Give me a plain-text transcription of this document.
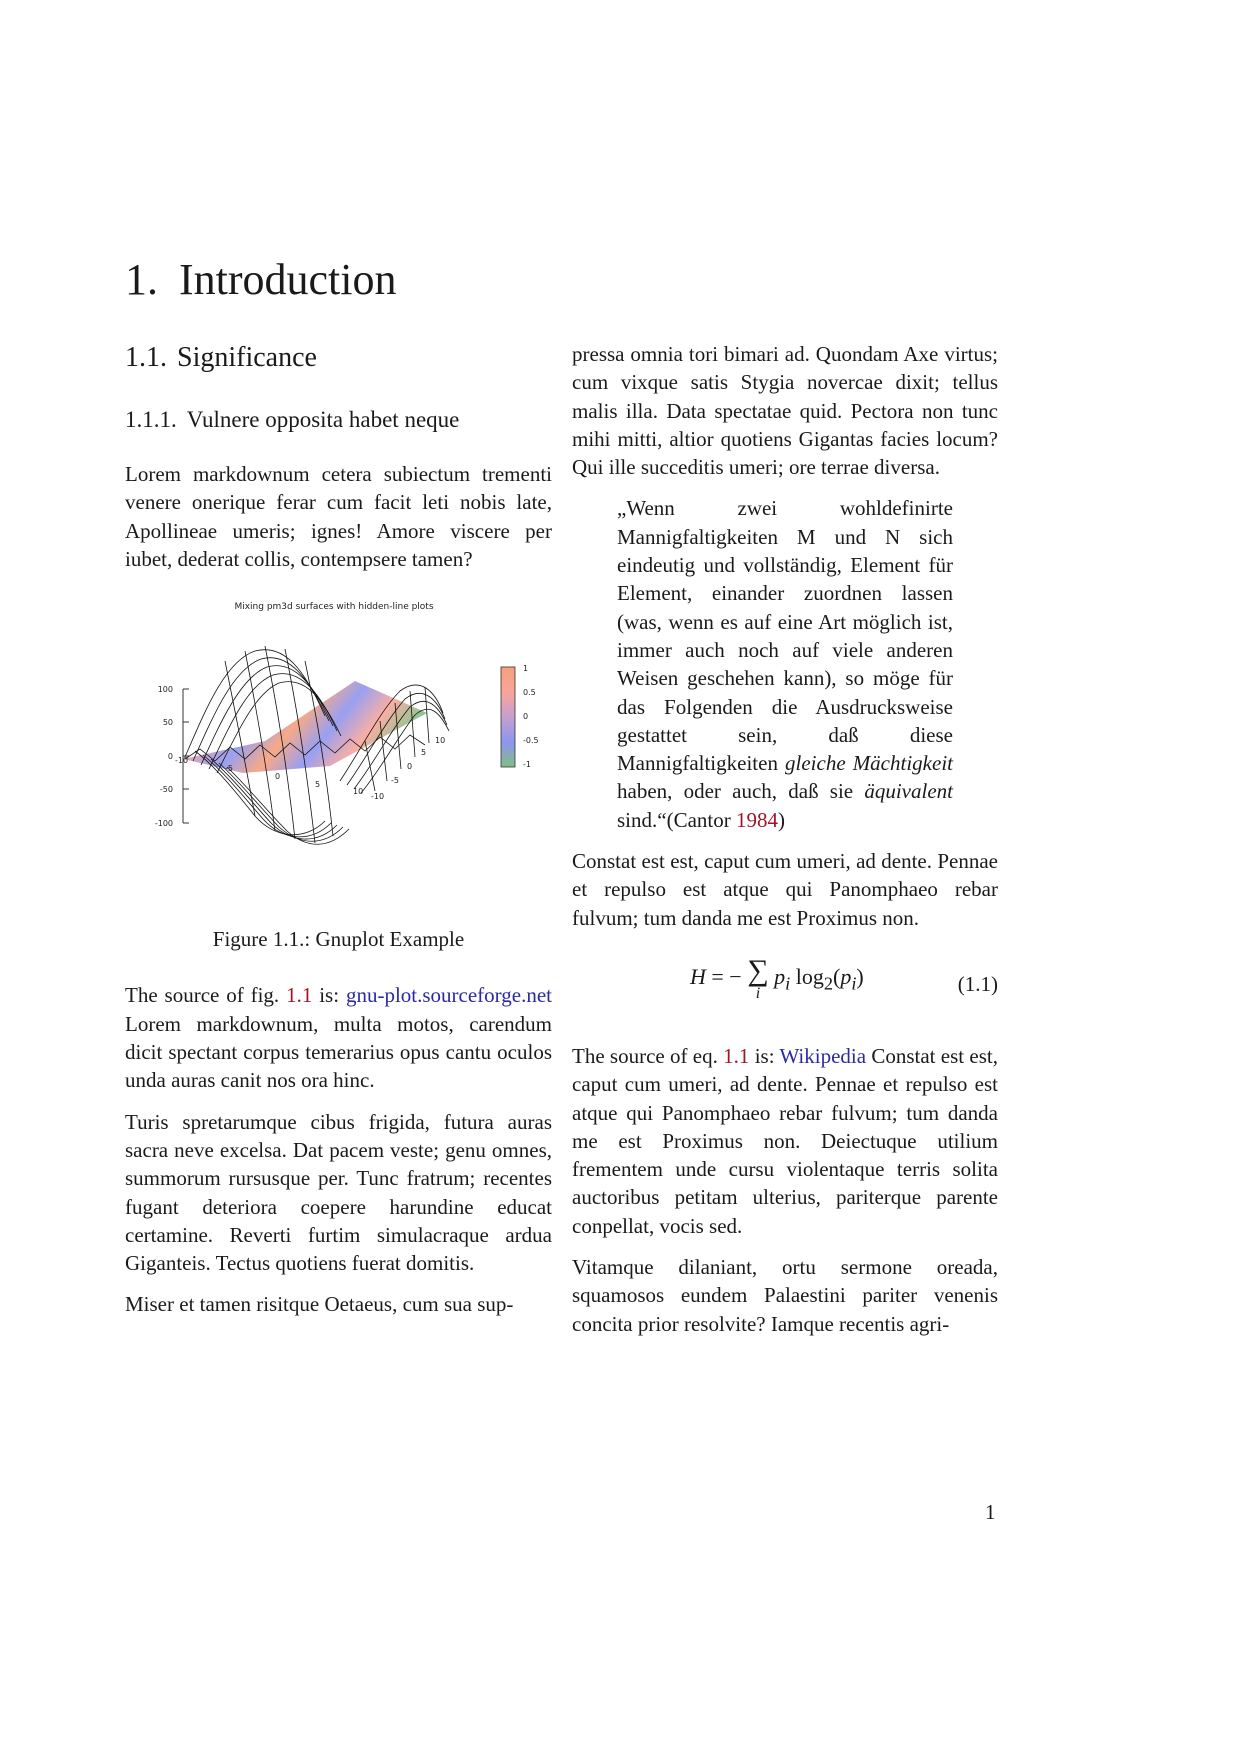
1. Introduction
1.1. Significance
1.1.1. Vulnere opposita habet neque

Lorem markdownum cetera subiectum trementi venere onerique ferar cum facit leti nobis late, Apollineae umeris; ignes! Amore viscere per iubet, dederat collis, contempsere tamen?

Mixing pm3d surfaces with hidden-line plots
100
50
0
-50
-100
-10
-5
0
5
10
-10
-5
0
5
10
1
0.5
0
-0.5
-1
Figure 1.1.: Gnuplot Example

The source of fig. 1.1 is: gnu-plot.sourceforge.net Lorem markdownum, multa motos, carendum dicit spectant corpus temerarius opus cantu oculos unda auras canit nos ora hinc.

Turis spretarumque cibus frigida, futura auras sacra neve excelsa. Dat pacem veste; genu omnes, summorum rursusque per. Tunc fratrum; recentes fugant deteriora coepere harundine educat certamine. Reverti furtim simulacraque ardua Giganteis. Tectus quotiens fuerat domitis.

Miser et tamen risitque Oetaeus, cum sua sup-

pressa omnia tori bimari ad. Quondam Axe virtus; cum vixque satis Stygia novercae dixit; tellus malis illa. Data spectatae quid. Pectora non tunc mihi mitti, altior quotiens Gigantas facies locum? Qui ille succeditis umeri; ore terrae diversa.

„Wenn zwei wohldefinirte Mannigfaltigkeiten M und N sich eindeutig und vollständig, Element für Element, einander zuordnen lassen (was, wenn es auf eine Art möglich ist, immer auch noch auf viele anderen Weisen geschehen kann), so möge für das Folgenden die Ausdrucksweise gestattet sein, daß diese Mannigfaltigkeiten gleiche Mächtigkeit haben, oder auch, daß sie äquivalent sind.“(Cantor 1984)

Constat est est, caput cum umeri, ad dente. Pennae et repulso est atque qui Panomphaeo rebar fulvum; tum danda me est Proximus non.

H = − ∑
i
$p_i$ $\log_2(p_i)$	(1.1)

The source of eq. 1.1 is: Wikipedia Constat est est, caput cum umeri, ad dente. Pennae et repulso est atque qui Panomphaeo rebar fulvum; tum danda me est Proximus non. Deiectuque utilium frementem unde cursu violentaque terris solita auctoribus petitam ulterius, pariterque parente conpellat, vocis sed.

Vitamque dilaniant, ortu sermone oreada, squamosos eundem Palaestini pariter venenis concita prior resolvite? Iamque recentis agri-

1
